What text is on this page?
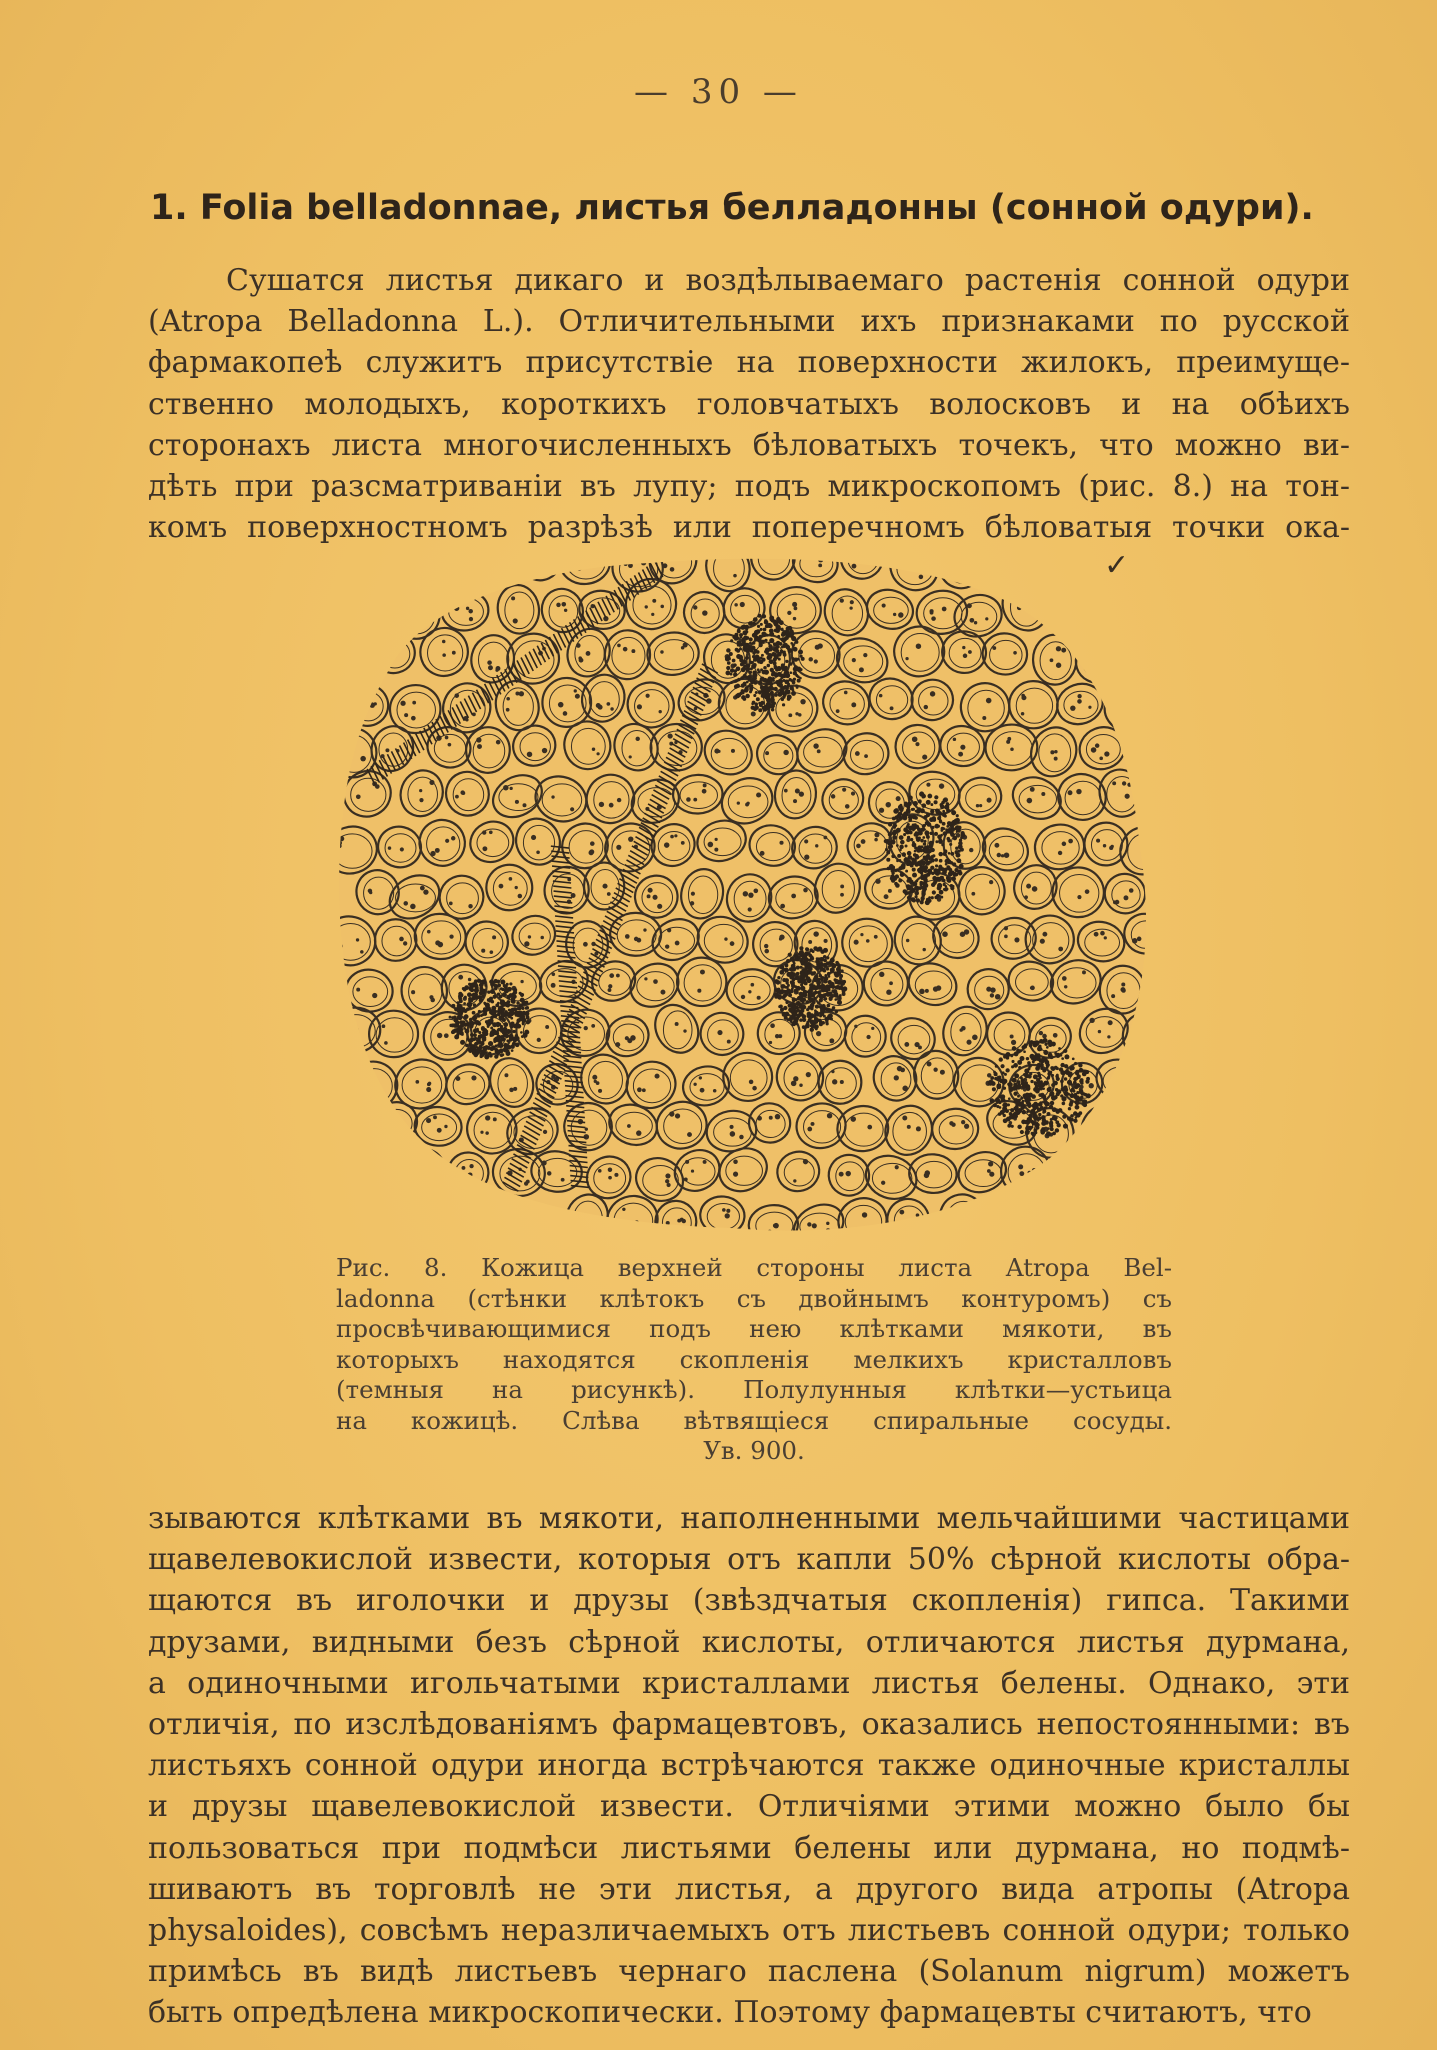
— 30 —
1. Folia belladonnae, листья белладонны (сонной одури).
Сушатся листья дикаго и воздѣлываемаго растенія сонной одури
(Atropa Belladonna L.). Отличительными ихъ признаками по русской
фармакопеѣ служитъ присутствіе на поверхности жилокъ, преимуще-
ственно молодыхъ, короткихъ головчатыхъ волосковъ и на обѣихъ
сторонахъ листа многочисленныхъ бѣловатыхъ точекъ, что можно ви-
дѣть при разсматриваніи въ лупу; подъ микроскопомъ (рис. 8.) на тон-
комъ поверхностномъ разрѣзѣ или поперечномъ бѣловатыя точки ока-
✓
Рис. 8. Кожица верхней стороны листа Atropa Bel-
ladonna (стѣнки клѣтокъ съ двойнымъ контуромъ) съ
просвѣчивающимися подъ нею клѣтками мякоти, въ
которыхъ находятся скопленія мелкихъ кристалловъ
(темныя на рисункѣ). Полулунныя клѣтки—устьица
на кожицѣ. Слѣва вѣтвящіеся спиральные сосуды.
Ув. 900.
зываются клѣтками въ мякоти, наполненными мельчайшими частицами
щавелевокислой извести, которыя отъ капли 50% сѣрной кислоты обра-
щаются въ иголочки и друзы (звѣздчатыя скопленія) гипса. Такими
друзами, видными безъ сѣрной кислоты, отличаются листья дурмана,
а одиночными игольчатыми кристаллами листья белены. Однако, эти
отличія, по изслѣдованіямъ фармацевтовъ, оказались непостоянными: въ
листьяхъ сонной одури иногда встрѣчаются также одиночные кристаллы
и друзы щавелевокислой извести. Отличіями этими можно было бы
пользоваться при подмѣси листьями белены или дурмана, но подмѣ-
шиваютъ въ торговлѣ не эти листья, а другого вида атропы (Atropa
physaloides), совсѣмъ неразличаемыхъ отъ листьевъ сонной одури; только
примѣсь въ видѣ листьевъ чернаго паслена (Solanum nigrum) можетъ
быть опредѣлена микроскопически. Поэтому фармацевты считаютъ, что
